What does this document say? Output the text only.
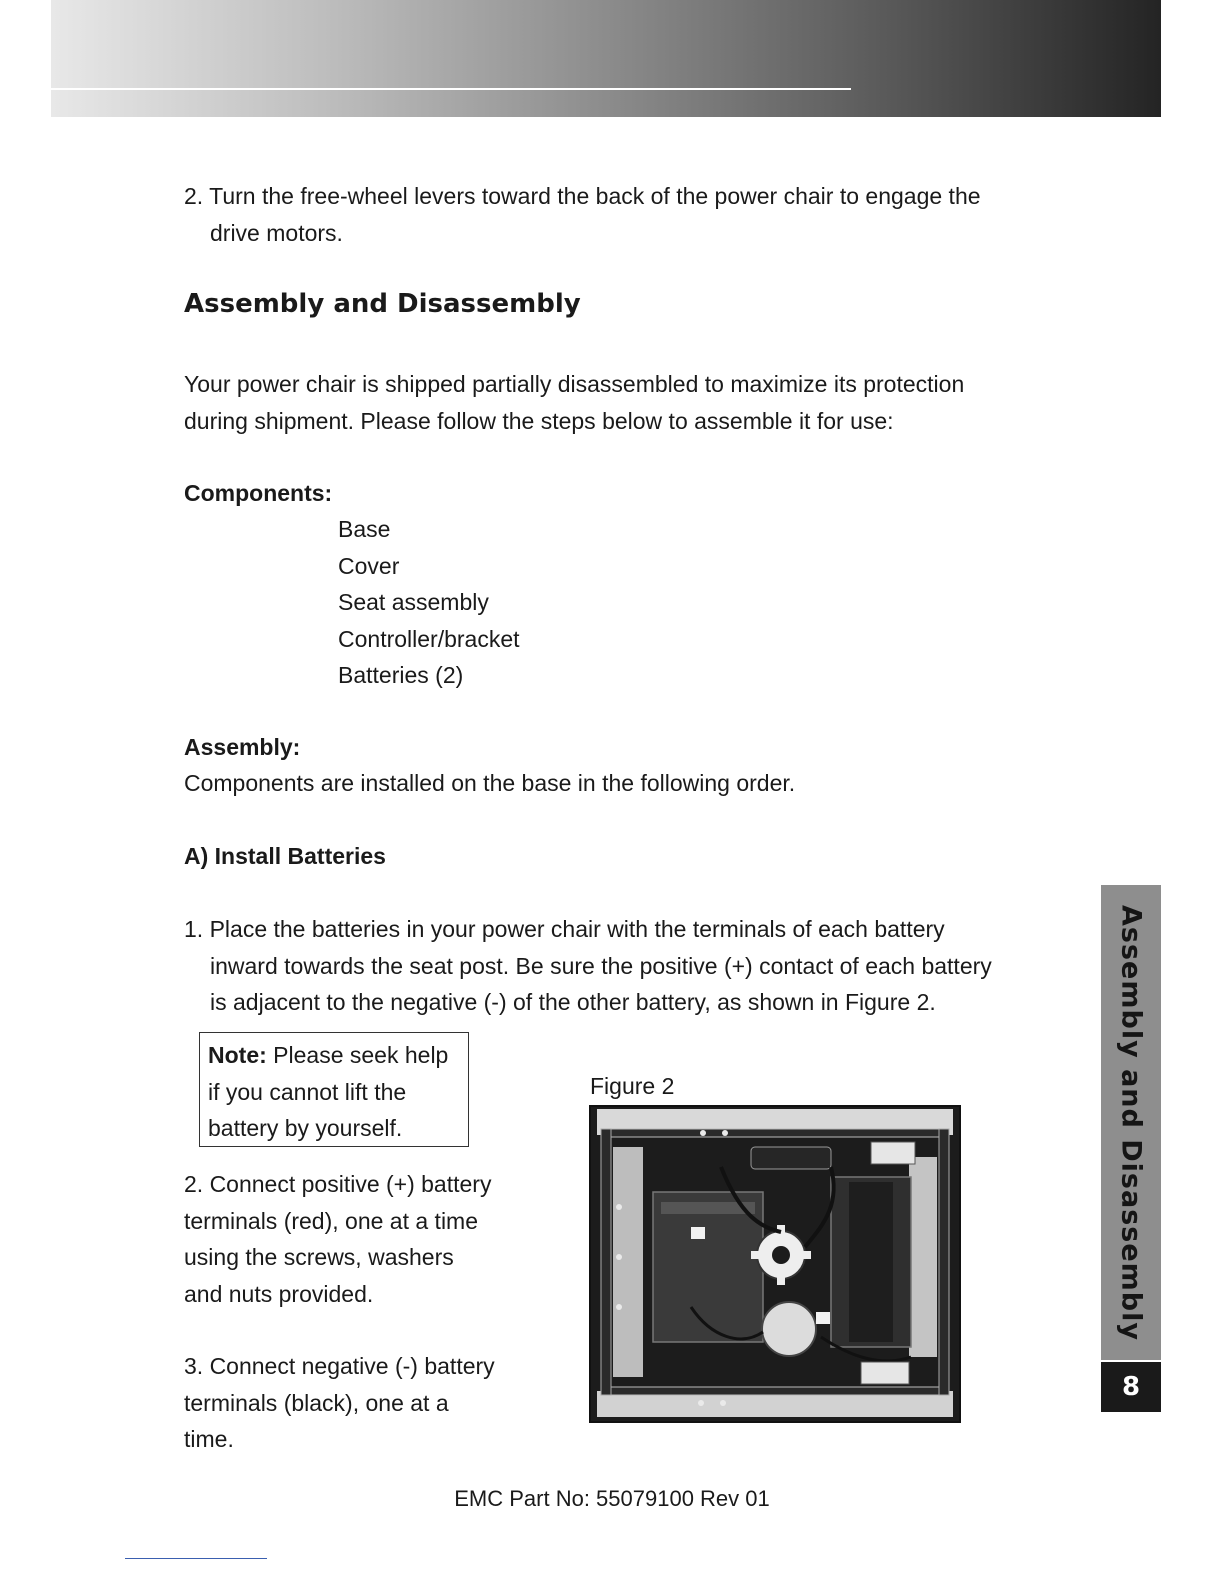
2. Turn the free-wheel levers toward the back of the power chair to engage the
drive motors.

Assembly and Disassembly

Your power chair is shipped partially disassembled to maximize its protection
during shipment. Please follow the steps below to assemble it for use:

Components:

Base
Cover
Seat assembly
Controller/bracket
Batteries (2)

Assembly:

Components are installed on the base in the following order.

A) Install Batteries

1. Place the batteries in your power chair with the terminals of each battery
inward towards the seat post. Be sure the positive (+) contact of each battery
is adjacent to the negative (-) of the other battery, as shown in Figure 2.

Note: Please seek help
if you cannot lift the
battery by yourself.

2. Connect positive (+) battery
terminals (red), one at a time
using the screws, washers
and nuts provided.

3. Connect negative (-) battery
terminals (black), one at a
time.

Figure 2	Assembly and Disassembly
8
EMC Part No: 55079100 Rev 01
